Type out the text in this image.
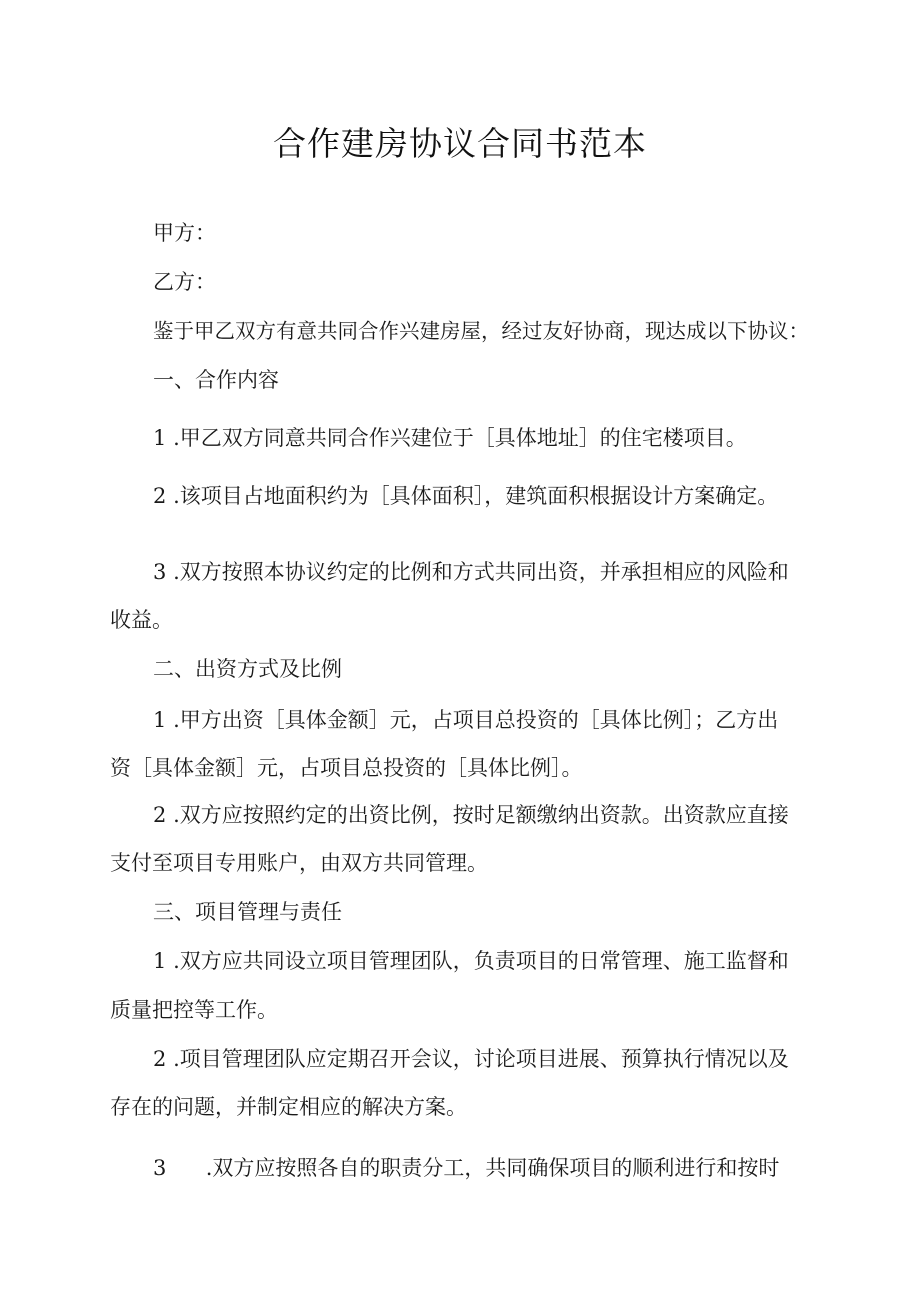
合作建房协议合同书范本
甲方：
乙方：
鉴于甲乙双方有意共同合作兴建房屋，经过友好协商，现达成以下协议：
一、合作内容
1 .甲乙双方同意共同合作兴建位于［具体地址］的住宅楼项目。
2 .该项目占地面积约为［具体面积］，建筑面积根据设计方案确定。
3 .双方按照本协议约定的比例和方式共同出资，并承担相应的风险和
收益。
二、出资方式及比例
1 .甲方出资［具体金额］元，占项目总投资的［具体比例］；乙方出
资［具体金额］元，占项目总投资的［具体比例］。
2 .双方应按照约定的出资比例，按时足额缴纳出资款。出资款应直接
支付至项目专用账户，由双方共同管理。
三、项目管理与责任
1 .双方应共同设立项目管理团队，负责项目的日常管理、施工监督和
质量把控等工作。
2 .项目管理团队应定期召开会议，讨论项目进展、预算执行情况以及
存在的问题，并制定相应的解决方案。
3 .双方应按照各自的职责分工，共同确保项目的顺利进行和按时
